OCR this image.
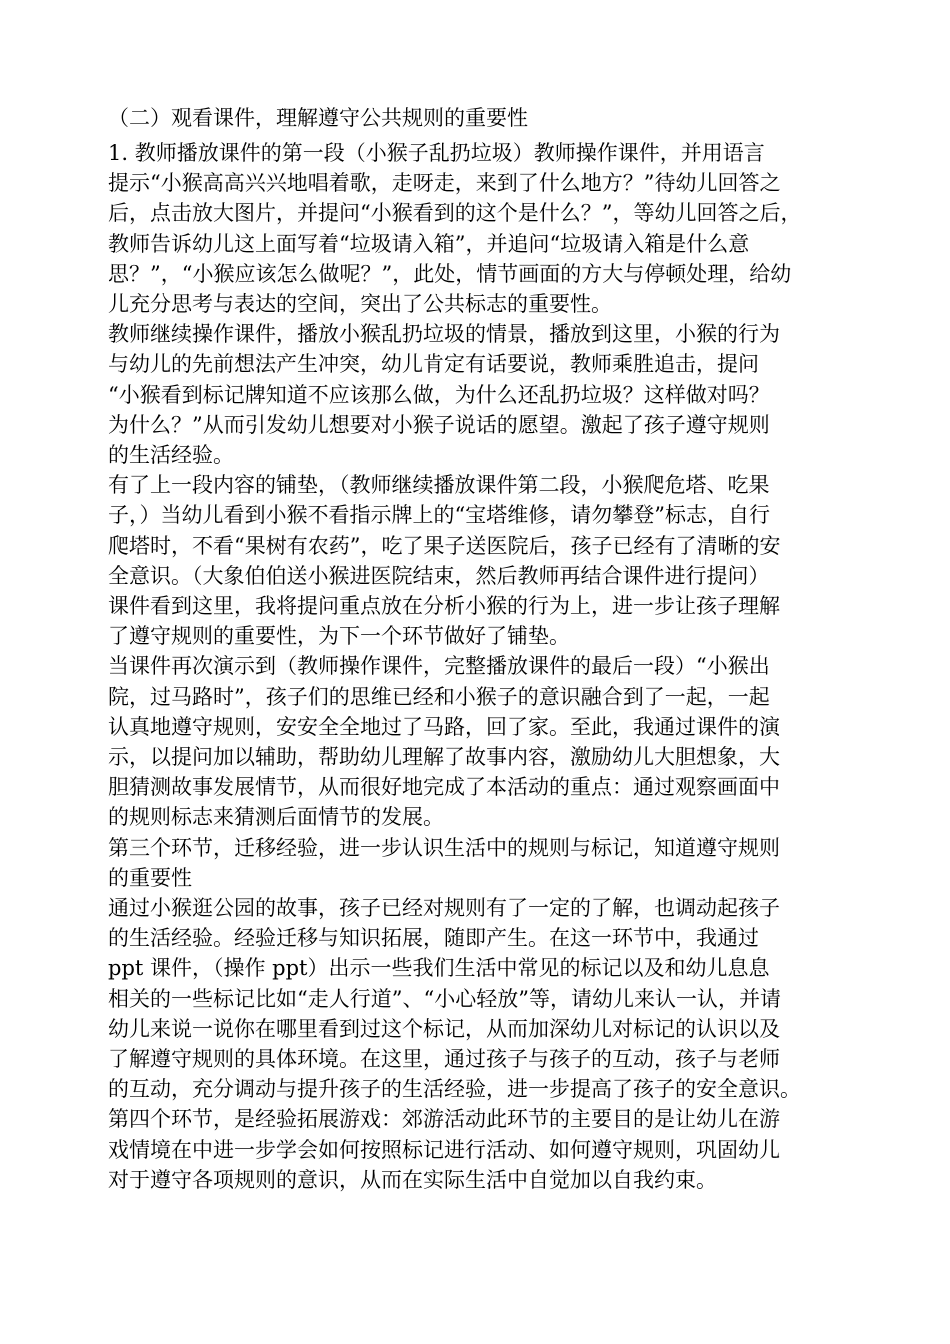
（二）观看课件，理解遵守公共规则的重要性
1. 教师播放课件的第一段（小猴子乱扔垃圾）教师操作课件，并用语言
提示“小猴高高兴兴地唱着歌，走呀走，来到了什么地方？”待幼儿回答之
后，点击放大图片，并提问“小猴看到的这个是什么？”，等幼儿回答之后，
教师告诉幼儿这上面写着“垃圾请入箱”，并追问“垃圾请入箱是什么意
思？”，“小猴应该怎么做呢？”，此处，情节画面的方大与停顿处理，给幼
儿充分思考与表达的空间，突出了公共标志的重要性。
教师继续操作课件，播放小猴乱扔垃圾的情景，播放到这里，小猴的行为
与幼儿的先前想法产生冲突，幼儿肯定有话要说，教师乘胜追击，提问
“小猴看到标记牌知道不应该那么做，为什么还乱扔垃圾？这样做对吗？
为什么？”从而引发幼儿想要对小猴子说话的愿望。激起了孩子遵守规则
的生活经验。
有了上一段内容的铺垫，（教师继续播放课件第二段，小猴爬危塔、吃果
子，）当幼儿看到小猴不看指示牌上的“宝塔维修，请勿攀登”标志，自行
爬塔时，不看“果树有农药”，吃了果子送医院后，孩子已经有了清晰的安
全意识。（大象伯伯送小猴进医院结束，然后教师再结合课件进行提问）
课件看到这里，我将提问重点放在分析小猴的行为上，进一步让孩子理解
了遵守规则的重要性，为下一个环节做好了铺垫。
当课件再次演示到（教师操作课件，完整播放课件的最后一段）“小猴出
院，过马路时”，孩子们的思维已经和小猴子的意识融合到了一起，一起
认真地遵守规则，安安全全地过了马路，回了家。至此，我通过课件的演
示，以提问加以辅助，帮助幼儿理解了故事内容，激励幼儿大胆想象，大
胆猜测故事发展情节，从而很好地完成了本活动的重点：通过观察画面中
的规则标志来猜测后面情节的发展。
第三个环节，迁移经验，进一步认识生活中的规则与标记，知道遵守规则
的重要性
通过小猴逛公园的故事，孩子已经对规则有了一定的了解，也调动起孩子
的生活经验。经验迁移与知识拓展，随即产生。在这一环节中，我通过
ppt 课件，（操作 ppt）出示一些我们生活中常见的标记以及和幼儿息息
相关的一些标记比如“走人行道”、“小心轻放”等，请幼儿来认一认，并请
幼儿来说一说你在哪里看到过这个标记，从而加深幼儿对标记的认识以及
了解遵守规则的具体环境。在这里，通过孩子与孩子的互动，孩子与老师
的互动，充分调动与提升孩子的生活经验，进一步提高了孩子的安全意识。
第四个环节，是经验拓展游戏：郊游活动此环节的主要目的是让幼儿在游
戏情境在中进一步学会如何按照标记进行活动、如何遵守规则，巩固幼儿
对于遵守各项规则的意识，从而在实际生活中自觉加以自我约束。
